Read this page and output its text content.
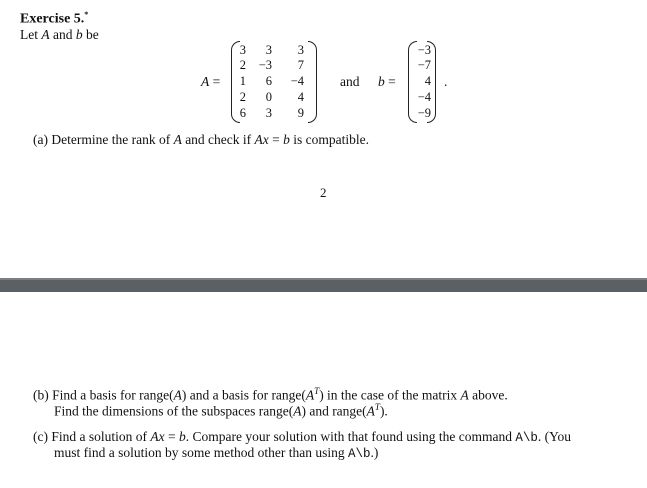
Exercise 5.*
Let A and b be
A =
3	3	3
2	−3	7
1	6	−4
2	0	4
6	3	9
and b =
−3
−7
4
−4
−9
.
(a) Determine the rank of A and check if Ax = b is compatible.
2
(b) Find a basis for range(A) and a basis for $range(A^T)$ in the case of the matrix A above.
Find the dimensions of the subspaces range(A) and $range(A^T)$.
(c) Find a solution of Ax = b. Compare your solution with that found using the command A\b. (You
must find a solution by some method other than using A\b.)
